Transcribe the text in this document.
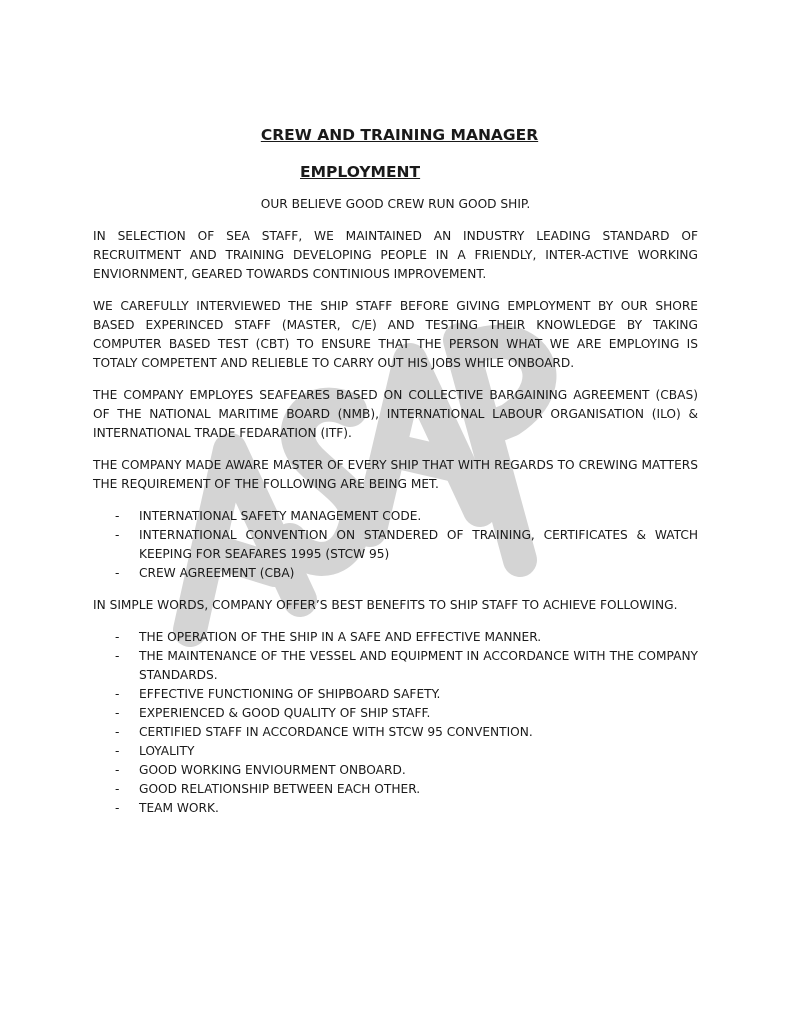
CREW AND TRAINING MANAGER
EMPLOYMENT
OUR BELIEVE GOOD CREW RUN GOOD SHIP.

IN SELECTION OF SEA STAFF, WE MAINTAINED AN INDUSTRY LEADING STANDARD OF RECRUITMENT AND TRAINING DEVELOPING PEOPLE IN A FRIENDLY, INTER-ACTIVE WORKING ENVIORNMENT, GEARED TOWARDS CONTINIOUS IMPROVEMENT.

WE CAREFULLY INTERVIEWED THE SHIP STAFF BEFORE GIVING EMPLOYMENT BY OUR SHORE BASED EXPERINCED STAFF (MASTER, C/E) AND TESTING THEIR KNOWLEDGE BY TAKING COMPUTER BASED TEST (CBT) TO ENSURE THAT THE PERSON WHAT WE ARE EMPLOYING IS TOTALY COMPETENT AND RELIEBLE TO CARRY OUT HIS JOBS WHILE ONBOARD.

THE COMPANY EMPLOYES SEAFEARES BASED ON COLLECTIVE BARGAINING AGREEMENT (CBAS) OF THE NATIONAL MARITIME BOARD (NMB), INTERNATIONAL LABOUR ORGANISATION (ILO) & INTERNATIONAL TRADE FEDARATION (ITF).

THE COMPANY MADE AWARE MASTER OF EVERY SHIP THAT WITH REGARDS TO CREWING MATTERS THE REQUIREMENT OF THE FOLLOWING ARE BEING MET.

- INTERNATIONAL SAFETY MANAGEMENT CODE.
- INTERNATIONAL CONVENTION ON STANDERED OF TRAINING, CERTIFICATES & WATCH KEEPING FOR SEAFARES 1995 (STCW 95)
- CREW AGREEMENT (CBA)

IN SIMPLE WORDS, COMPANY OFFER’S BEST BENEFITS TO SHIP STAFF TO ACHIEVE FOLLOWING.

- THE OPERATION OF THE SHIP IN A SAFE AND EFFECTIVE MANNER.
- THE MAINTENANCE OF THE VESSEL AND EQUIPMENT IN ACCORDANCE WITH THE COMPANY STANDARDS.
- EFFECTIVE FUNCTIONING OF SHIPBOARD SAFETY.
- EXPERIENCED & GOOD QUALITY OF SHIP STAFF.
- CERTIFIED STAFF IN ACCORDANCE WITH STCW 95 CONVENTION.
- LOYALITY
- GOOD WORKING ENVIOURMENT ONBOARD.
- GOOD RELATIONSHIP BETWEEN EACH OTHER.
- TEAM WORK.
